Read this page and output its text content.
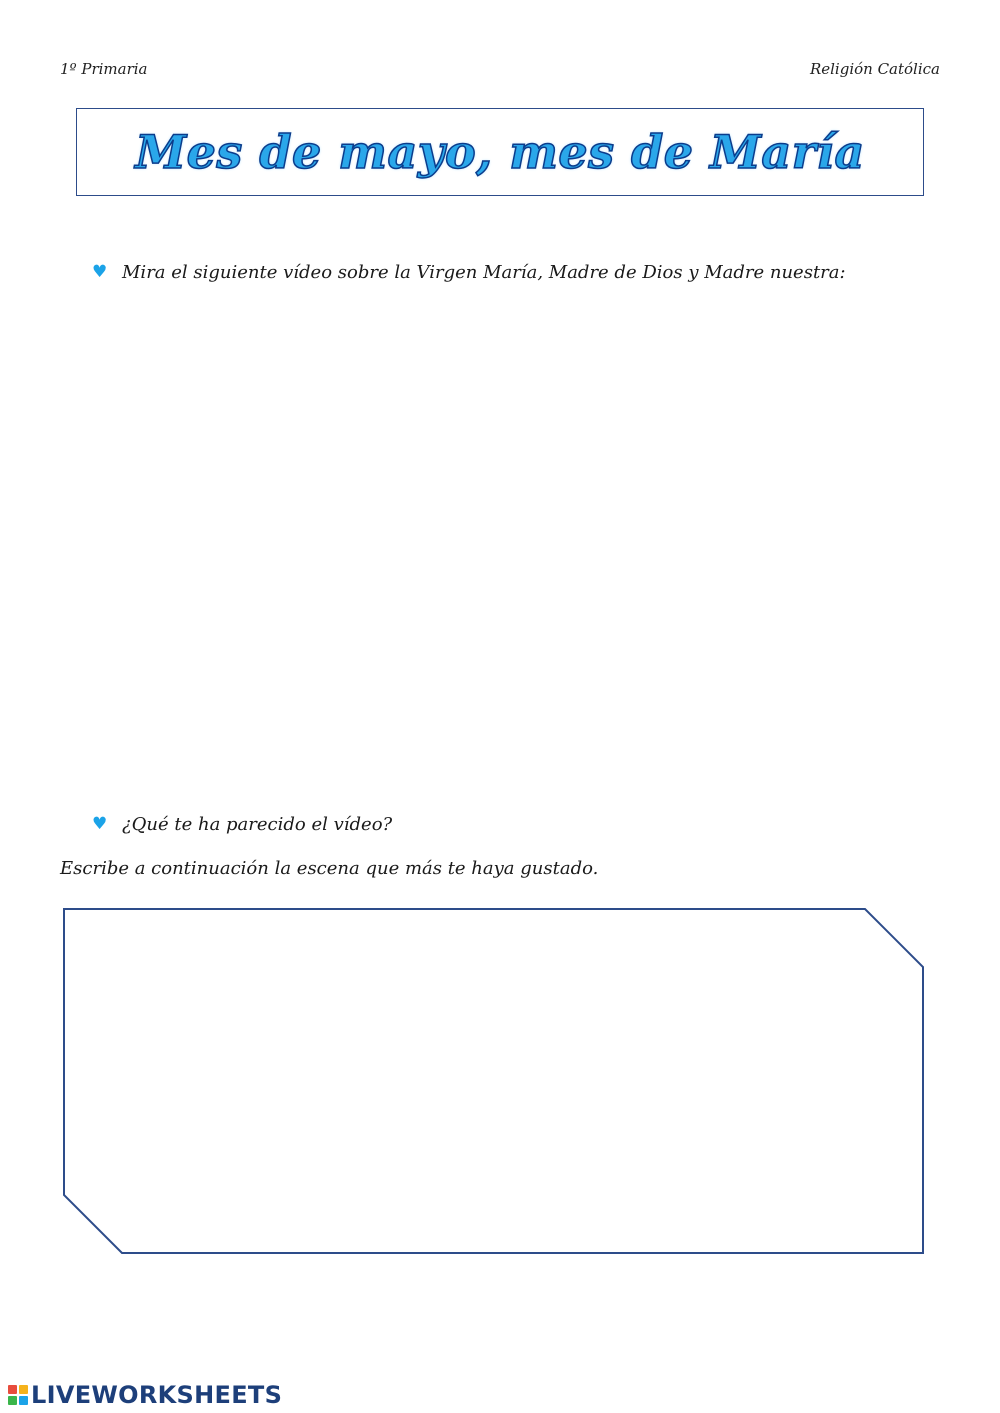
1º Primaria	Religión Católica
Mes de mayo, mes de María
♥ Mira el siguiente vídeo sobre la Virgen María, Madre de Dios y Madre nuestra:
♥ ¿Qué te ha parecido el vídeo?
Escribe a continuación la escena que más te haya gustado.
LIVEWORKSHEETS
